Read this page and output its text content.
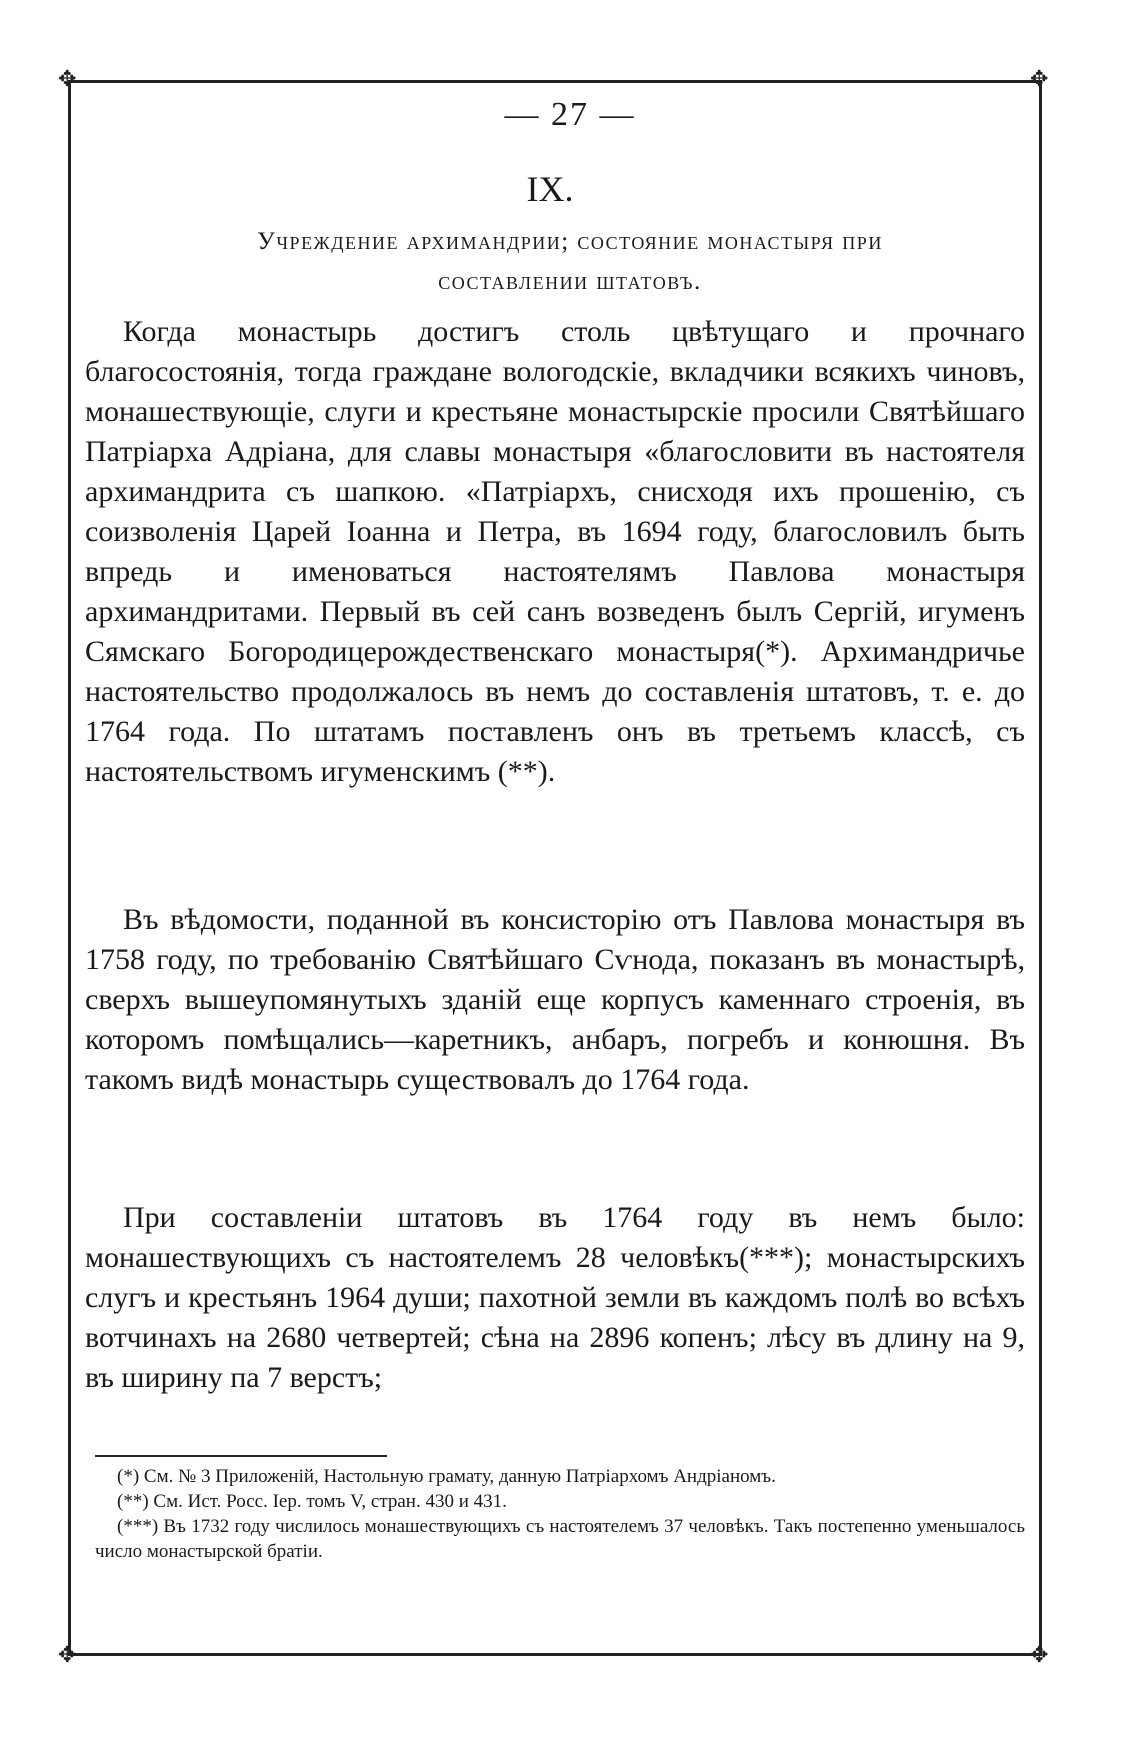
✥	✥
✥	✥
— 27 —
IX.
Учреждение архимандрии; состояние монастыря при
составлении штатовъ.

Когда монастырь достигъ столь цвѣтущаго и прочнаго благосостоянія, тогда граждане вологодскіе, вкладчики всякихъ чиновъ, монашествующіе, слуги и крестьяне монастырскіе просили Святѣйшаго Патріарха Адріана, для славы монастыря «благословити въ настоятеля архимандрита съ шапкою. «Патріархъ, снисходя ихъ прошенію, съ соизволенія Царей Іоанна и Петра, въ 1694 году, благословилъ быть впредь и именоваться настоятелямъ Павлова монастыря архимандритами. Первый въ сей санъ возведенъ былъ Сергій, игуменъ Сямскаго Богородицерождественскаго монастыря(*). Архимандричье настоятельство продолжалось въ немъ до составленія штатовъ, т. е. до 1764 года. По штатамъ поставленъ онъ въ третьемъ классѣ, съ настоятельствомъ игуменскимъ (**).

Въ вѣдомости, поданной въ консисторію отъ Павлова монастыря въ 1758 году, по требованію Святѣйшаго Сѵнода, показанъ въ монастырѣ, сверхъ вышеупомянутыхъ зданій еще корпусъ каменнаго строенія, въ которомъ помѣщались—каретникъ, анбаръ, погребъ и конюшня. Въ такомъ видѣ монастырь существовалъ до 1764 года.

При составленіи штатовъ въ 1764 году въ немъ было: монашествующихъ съ настоятелемъ 28 человѣкъ(***); монастырскихъ слугъ и крестьянъ 1964 души; пахотной земли въ каждомъ полѣ во всѣхъ вотчинахъ на 2680 четвертей; сѣна на 2896 копенъ; лѣсу въ длину на 9, въ ширину па 7 верстъ;

(*) См. № 3 Приложеній, Настольную грамату, данную Патріархомъ Андріаномъ.

(**) См. Ист. Росс. Іер. томъ V, стран. 430 и 431.

(***) Въ 1732 году числилось монашествующихъ съ настоятелемъ 37 человѣкъ. Такъ постепенно уменьшалось число монастырской братіи.
